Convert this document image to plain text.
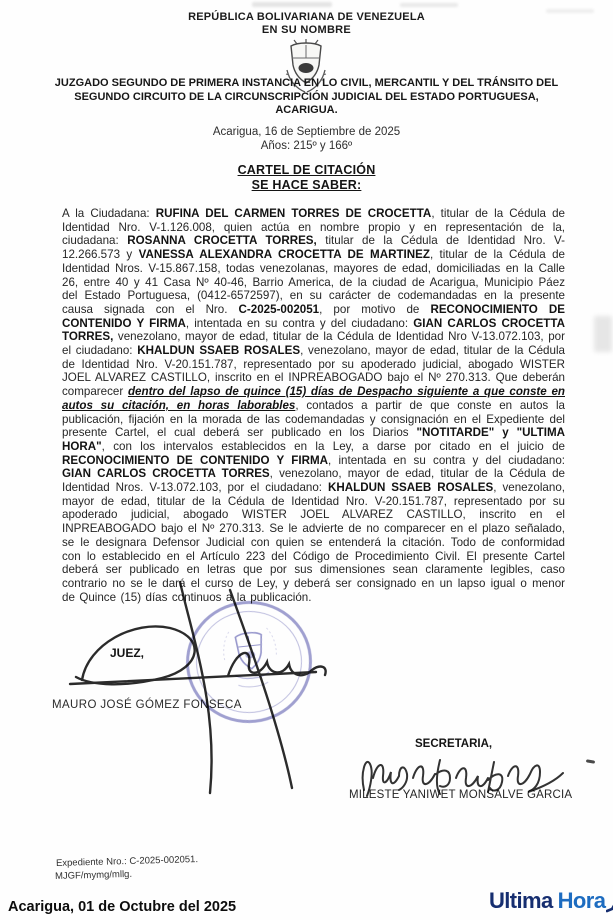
REPÚBLICA BOLIVARIANA DE VENEZUELA
EN SU NOMBRE
JUZGADO SEGUNDO DE PRIMERA INSTANCIA EN LO CIVIL, MERCANTIL Y DEL TRÁNSITO DEL SEGUNDO CIRCUITO DE LA CIRCUNSCRIPCIÓN JUDICIAL DEL ESTADO PORTUGUESA, ACARIGUA.
Acarigua, 16 de Septiembre de 2025
Años: 215º y 166º
CARTEL DE CITACIÓN
SE HACE SABER:
A la Ciudadana: RUFINA DEL CARMEN TORRES DE CROCETTA, titular de la Cédula de Identidad Nro. V-1.126.008, quien actúa en nombre propio y en representación de la, ciudadana: ROSANNA CROCETTA TORRES, titular de la Cédula de Identidad Nro. V-12.266.573 y VANESSA ALEXANDRA CROCETTA DE MARTINEZ, titular de la Cédula de Identidad Nros. V-15.867.158, todas venezolanas, mayores de edad, domiciliadas en la Calle 26, entre 40 y 41 Casa Nº 40-46, Barrio America, de la ciudad de Acarigua, Municipio Páez del Estado Portuguesa, (0412-6572597), en su carácter de codemandadas en la presente causa signada con el Nro. C-2025-002051, por motivo de RECONOCIMIENTO DE CONTENIDO Y FIRMA, intentada en su contra y del ciudadano: GIAN CARLOS CROCETTA TORRES, venezolano, mayor de edad, titular de la Cédula de Identidad Nro V-13.072.103, por el ciudadano: KHALDUN SSAEB ROSALES, venezolano, mayor de edad, titular de la Cédula de Identidad Nro. V-20.151.787, representado por su apoderado judicial, abogado WISTER JOEL ALVAREZ CASTILLO, inscrito en el INPREABOGADO bajo el Nº 270.313. Que deberán comparecer dentro del lapso de quince (15) días de Despacho siguiente a que conste en autos su citación, en horas laborables, contados a partir de que conste en autos la publicación, fijación en la morada de las codemandadas y consignación en el Expediente del presente Cartel, el cual deberá ser publicado en los Diarios "NOTITARDE" y "ULTIMA HORA", con los intervalos establecidos en la Ley, a darse por citado en el juicio de RECONOCIMIENTO DE CONTENIDO Y FIRMA, intentada en su contra y del ciudadano: GIAN CARLOS CROCETTA TORRES, venezolano, mayor de edad, titular de la Cédula de Identidad Nros. V-13.072.103, por el ciudadano: KHALDUN SSAEB ROSALES, venezolano, mayor de edad, titular de la Cédula de Identidad Nro. V-20.151.787, representado por su apoderado judicial, abogado WISTER JOEL ALVAREZ CASTILLO, inscrito en el INPREABOGADO bajo el Nº 270.313. Se le advierte de no comparecer en el plazo señalado, se le designara Defensor Judicial con quien se entenderá la citación. Todo de conformidad con lo establecido en el Artículo 223 del Código de Procedimiento Civil. El presente Cartel deberá ser publicado en letras que por sus dimensiones sean claramente legibles, caso contrario no se le dará el curso de Ley, y deberá ser consignado en un lapso igual o menor de Quince (15) días continuos a la publicación.
JUEZ,
MAURO JOSÉ GÓMEZ FONSECA
SECRETARIA,
MILESTE YANIWET MONSALVE GARCIA
Expediente Nro.: C-2025-002051.
MJGF/mymg/mllg.
Acarigua, 01 de Octubre del 2025	Ultima Hora
